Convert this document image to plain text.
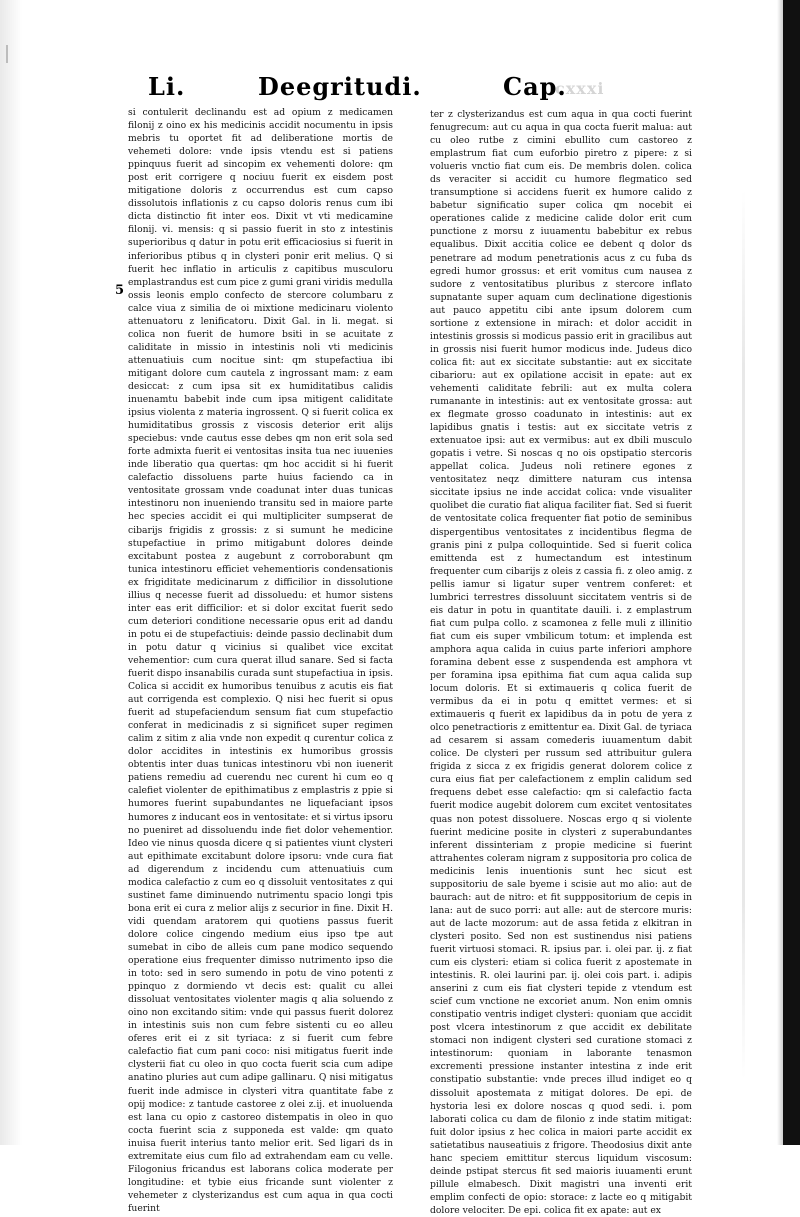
Li.	Deegritudi.	Cap.
cxxxi
5

si contulerit declinandu est ad opium z medicamen filonij z oino ex his medicinis accidit nocumentu in ipsis mebris tu oportet fit ad deliberatione mortis de vehemeti dolore: vnde ipsis vtendu est si patiens ppinquus fuerit ad sincopim ex vehementi dolore: qm post erit corrigere q nociuu fuerit ex eisdem post mitigatione doloris z occurrendus est cum capso dissolutois inflationis z cu capso doloris renus cum ibi dicta distinctio fit inter eos. Dixit vt vti medicamine filonij. vi. mensis: q si passio fuerit in sto z intestinis superioribus q datur in potu erit efficaciosius si fuerit in inferioribus ptibus q in clysteri ponir erit melius. Q si fuerit hec inflatio in articulis z capitibus musculoru emplastrandus est cum pice z gumi grani viridis medulla ossis leonis emplo confecto de stercore columbaru z calce viua z similia de oi mixtione medicinaru violento attenuatoru z lenificatoru. Dixit Gal. in li. megat. si colica non fuerit de humore bsiti in se acuitate z caliditate in missio in intestinis noli vti medicinis attenuatiuis cum nocitue sint: qm stupefactiua ibi mitigant dolore cum cautela z ingrossant mam: z eam desiccat: z cum ipsa sit ex humiditatibus calidis inuenamtu babebit inde cum ipsa mitigent caliditate ipsius violenta z materia ingrossent. Q si fuerit colica ex humiditatibus grossis z viscosis deterior erit alijs speciebus: vnde cautus esse debes qm non erit sola sed forte admixta fuerit ei ventositas insita tua nec iuuenies inde liberatio qua quertas: qm hoc accidit si hi fuerit calefactio dissoluens parte huius faciendo ca in ventositate grossam vnde coadunat inter duas tunicas intestinoru non inueniendo transitu sed in maiore parte hec species accidit ei qui multipliciter sumpserat de cibarijs frigidis z grossis: z si sumunt he medicine stupefactiue in primo mitigabunt dolores deinde excitabunt postea z augebunt z corroborabunt qm tunica intestinoru efficiet vehementioris condensationis ex frigiditate medicinarum z difficilior in dissolutione illius q necesse fuerit ad dissoluedu: et humor sistens inter eas erit difficilior: et si dolor excitat fuerit sedo cum deteriori conditione necessarie opus erit ad dandu in potu ei de stupefactiuis: deinde passio declinabit dum in potu datur q vicinius si qualibet vice excitat vehementior: cum cura querat illud sanare. Sed si facta fuerit dispo insanabilis curada sunt stupefactiua in ipsis. Colica si accidit ex humoribus tenuibus z acutis eis fiat aut corrigenda est complexio. Q nisi hec fuerit si opus fuerit ad stupefaciendum sensum fiat cum stupefactio conferat in medicinadis z si significet super regimen calim z sitim z alia vnde non expedit q curentur colica z dolor accidites in intestinis ex humoribus grossis obtentis inter duas tunicas intestinoru vbi non iuenerit patiens remediu ad cuerendu nec curent hi cum eo q calefiet violenter de epithimatibus z emplastris z ppie si humores fuerint supabundantes ne liquefaciant ipsos humores z inducant eos in ventositate: et si virtus ipsoru no pueniret ad dissoluendu inde fiet dolor vehementior. Ideo vie ninus quosda dicere q si patientes viunt clysteri aut epithimate excitabunt dolore ipsoru: vnde cura fiat ad digerendum z incidendu cum attenuatiuis cum modica calefactio z cum eo q dissoluit ventositates z qui sustinet fame diminuendo nutrimentu spacio longi tpis bona erit ei cura z melior alijs z securior in fine. Dixit H. vidi quendam aratorem qui quotiens passus fuerit dolore colice cingendo medium eius ipso tpe aut sumebat in cibo de alleis cum pane modico sequendo operatione eius frequenter dimisso nutrimento ipso die in toto: sed in sero sumendo in potu de vino potenti z ppinquo z dormiendo vt decis est: qualit cu allei dissoluat ventositates violenter magis q alia soluendo z oino non excitando sitim: vnde qui passus fuerit dolorez in intestinis suis non cum febre sistenti cu eo alleu oferes erit ei z sit tyriaca: z si fuerit cum febre calefactio fiat cum pani coco: nisi mitigatus fuerit inde clysterii fiat cu oleo in quo cocta fuerit scia cum adipe anatino pluries aut cum adipe gallinaru. Q nisi mitigatus fuerit inde admisce in clysteri vitra quantitate fabe z opij modice: z tantude castoree z olei z.ij. et inuoluenda est lana cu opio z castoreo distempatis in oleo in quo cocta fuerint scia z supponeda est valde: qm quato inuisa fuerit interius tanto melior erit. Sed ligari ds in extremitate eius cum filo ad extrahendam eam cu velle. Filogonius fricandus est laborans colica moderate per longitudine: et tybie eius fricande sunt violenter z vehemeter z clysterizandus est cum aqua in qua cocti fuerint

ter z clysterizandus est cum aqua in qua cocti fuerint fenugrecum: aut cu aqua in qua cocta fuerit malua: aut cu oleo rutbe z cimini ebullito cum castoreo z emplastrum fiat cum euforbio piretro z pipere: z si volueris vnctio fiat cum eis. De membris dolen. colica ds veraciter si accidit cu humore flegmatico sed transumptione si accidens fuerit ex humore calido z babetur significatio super colica qm nocebit ei operationes calide z medicine calide dolor erit cum punctione z morsu z iuuamentu babebitur ex rebus equalibus. Dixit accitia colice ee debent q dolor ds penetrare ad modum penetrationis acus z cu fuba ds egredi humor grossus: et erit vomitus cum nausea z sudore z ventositatibus pluribus z stercore inflato supnatante super aquam cum declinatione digestionis aut pauco appetitu cibi ante ipsum dolorem cum sortione z extensione in mirach: et dolor accidit in intestinis grossis si modicus passio erit in gracilibus aut in grossis nisi fuerit humor modicus inde. Judeus dico colica fit: aut ex siccitate substantie: aut ex siccitate cibarioru: aut ex opilatione accisit in epate: aut ex vehementi caliditate febrili: aut ex multa colera rumanante in intestinis: aut ex ventositate grossa: aut ex flegmate grosso coadunato in intestinis: aut ex lapidibus gnatis i testis: aut ex siccitate vetris z extenuatoe ipsi: aut ex vermibus: aut ex dbili musculo gopatis i vetre. Si noscas q no ois opstipatio stercoris appellat colica. Judeus noli retinere egones z ventositatez neqz dimittere naturam cus intensa siccitate ipsius ne inde accidat colica: vnde visualiter quolibet die curatio fiat aliqua faciliter fiat. Sed si fuerit de ventositate colica frequenter fiat potio de seminibus dispergentibus ventositates z incidentibus flegma de granis pini z pulpa colloquintide. Sed si fuerit colica emittenda est z humectandum est intestinum frequenter cum cibarijs z oleis z cassia fi. z oleo amig. z pellis iamur si ligatur super ventrem conferet: et lumbrici terrestres dissoluunt siccitatem ventris si de eis datur in potu in quantitate dauili. i. z emplastrum fiat cum pulpa collo. z scamonea z felle muli z illinitio fiat cum eis super vmbilicum totum: et implenda est amphora aqua calida in cuius parte inferiori amphore foramina debent esse z suspendenda est amphora vt per foramina ipsa epithima fiat cum aqua calida sup locum doloris. Et si extimaueris q colica fuerit de vermibus da ei in potu q emittet vermes: et si extimaueris q fuerit ex lapidibus da in potu de yera z olco penetractioris z emittentur ea. Dixit Gal. de tyriaca ad cesarem si assam comederis iuuamentum dabit colice. De clysteri per russum sed attribuitur gulera frigida z sicca z ex frigidis generat dolorem colice z cura eius fiat per calefactionem z emplin calidum sed frequens debet esse calefactio: qm si calefactio facta fuerit modice augebit dolorem cum excitet ventositates quas non potest dissoluere. Noscas ergo q si violente fuerint medicine posite in clysteri z superabundantes inferent dissinteriam z propie medicine si fuerint attrahentes coleram nigram z suppositoria pro colica de medicinis lenis inuentionis sunt hec sicut est suppositoriu de sale byeme i scisie aut mo alio: aut de baurach: aut de nitro: et fit supppositorium de cepis in lana: aut de suco porri: aut alle: aut de stercore muris: aut de lacte mozorum: aut de assa fetida z elkitran in clysteri posito. Sed non est sustinendus nisi patiens fuerit virtuosi stomaci. R. ipsius par. i. olei par. ij. z fiat cum eis clysteri: etiam si colica fuerit z apostemate in intestinis. R. olei laurini par. ij. olei cois part. i. adipis anserini z cum eis fiat clysteri tepide z vtendum est scief cum vnctione ne excoriet anum. Non enim omnis constipatio ventris indiget clysteri: quoniam que accidit post vlcera intestinorum z que accidit ex debilitate stomaci non indigent clysteri sed curatione stomaci z intestinorum: quoniam in laborante tenasmon excrementi pressione instanter intestina z inde erit constipatio substantie: vnde preces illud indiget eo q dissoluit apostemata z mitigat dolores. De epi. de hystoria lesi ex dolore noscas q quod sedi. i. pom laborati colica cu dam de filonio z inde statim mitigat: fuit dolor ipsius z hec colica in maiori parte accidit ex satietatibus nauseatiuis z frigore. Theodosius dixit ante hanc speciem emittitur stercus liquidum viscosum: deinde pstipat stercus fit sed maioris iuuamenti erunt pillule elmabesch. Dixit magistri una inventi erit emplim confecti de opio: storace: z lacte eo q mitigabit dolore velociter. De epi. colica fit ex apate: aut ex
